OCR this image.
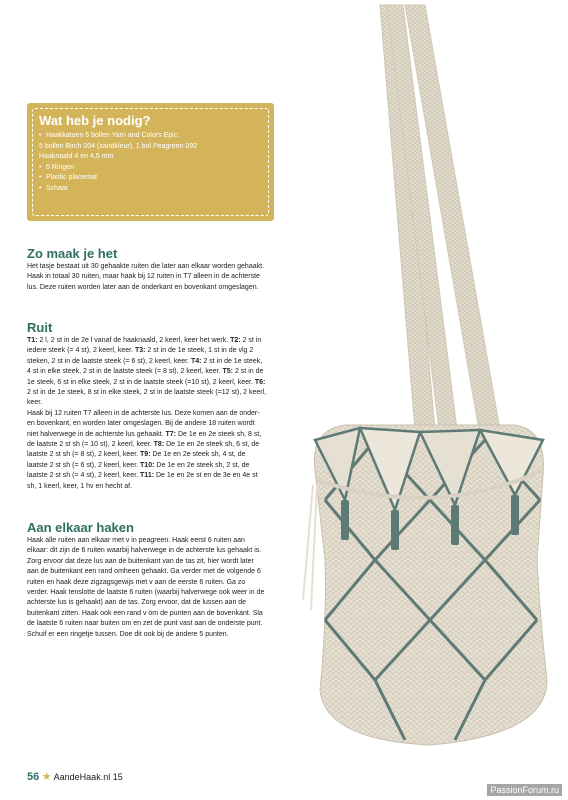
Wat heb je nodig?
• Haakkatoen 5 bollen Yarn and Colors Epic:
5 bollen Birch 004 (zandkleur), 1 bol Peagreen 092
Haaknaald 4 en 4,5 mm
• 6 Ringen
• Plastic placemat
• Schaar
Zo maak je het

Het tasje bestaat uit 30 gehaakte ruiten die later aan elkaar worden gehaakt. Haak in totaal 30 ruiten, maar haak bij 12 ruiten in T7 alleen in de achterste lus. Deze ruiten worden later aan de onderkant en bovenkant omgeslagen.

Ruit

T1: 2 l, 2 st in de 2e l vanaf de haaknaald, 2 keerl, keer het werk. T2: 2 st in iedere steek (= 4 st), 2 keerl, keer. T3: 2 st in de 1e steek, 1 st in de vlg 2 steken, 2 st in de laatste steek (= 6 st), 2 keerl, keer. T4: 2 st in de 1e steek, 4 st in elke steek, 2 st in de laatste steek (= 8 st), 2 keerl, keer. T5: 2 st in de 1e steek, 6 st in elke steek, 2 st in de laatste steek (=10 st), 2 keerl, keer. T6: 2 st in de 1e steek, 8 st in elke steek, 2 st in de laatste steek (=12 st), 2 keerl, keer.
Haak bij 12 ruiten T7 alleen in de achterste lus. Deze komen aan de onder- en bovenkant, en worden later omgeslagen. Bij de andere 18 ruiten wordt niet halverwege in de achterste lus gehaakt. T7: De 1e en 2e steek sh, 8 st, de laatste 2 st sh (= 10 st), 2 keerl, keer. T8: De 1e en 2e steek sh, 6 st, de laatste 2 st sh (= 8 st), 2 keerl, keer. T9: De 1e en 2e steek sh, 4 st, de laatste 2 st sh (= 6 st), 2 keerl, keer. T10: De 1e en 2e steek sh, 2 st, de laatste 2 st sh (= 4 st), 2 keerl, keer. T11: De 1e en 2e st en de 3e en 4e st sh, 1 keerl, keer, 1 hv en hecht af.

Aan elkaar haken

Haak alle ruiten aan elkaar met v in peagreen. Haak eerst 6 ruiten aan elkaar: dit zijn de 6 ruiten waarbij halverwege in de achterste lus gehaakt is. Zorg ervoor dat deze lus aan de buitenkant van de tas zit, hier wordt later aan de buitenkant een rand omheen gehaakt. Ga verder met de volgende 6 ruiten en haak deze zigzagsgewijs met v aan de eerste 6 ruiten. Ga zo verder. Haak tenslotte de laatste 6 ruiten (waarbij halverwege ook weer in de achterste lus is gehaakt) aan de tas. Zorg ervoor, dat de lussen aan de buitenkant zitten. Haak ook een rand v om de punten aan de bovenkant. Sla de laatste 6 ruiten naar buiten om en zet de punt vast aan de onderste punt. Schuif er een ringetje tussen. Doe dit ook bij de andere 5 punten.

56 ★ AandeHaak.nl 15
PassionForum.ru
